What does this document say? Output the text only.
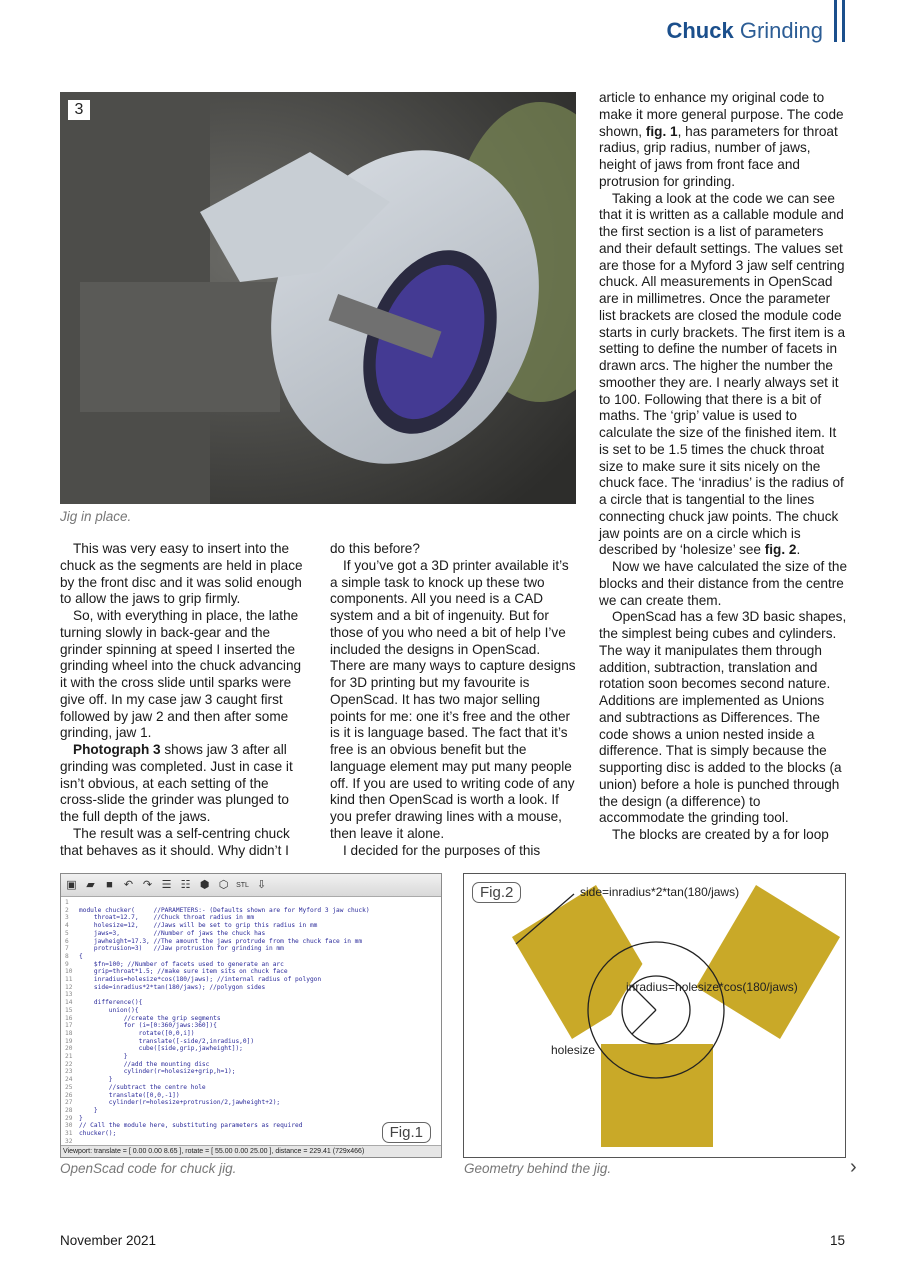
Chuck Grinding
3
Jig in place.

This was very easy to insert into the chuck as the segments are held in place by the front disc and it was solid enough to allow the jaws to grip firmly.

So, with everything in place, the lathe turning slowly in back-gear and the grinder spinning at speed I inserted the grinding wheel into the chuck advancing it with the cross slide until sparks were give off. In my case jaw 3 caught first followed by jaw 2 and then after some grinding, jaw 1.

Photograph 3 shows jaw 3 after all grinding was completed. Just in case it isn’t obvious, at each setting of the cross-slide the grinder was plunged to the full depth of the jaws.

The result was a self-centring chuck that behaves as it should. Why didn’t I

do this before?

If you’ve got a 3D printer available it’s a simple task to knock up these two components. All you need is a CAD system and a bit of ingenuity. But for those of you who need a bit of help I’ve included the designs in OpenScad. There are many ways to capture designs for 3D printing but my favourite is OpenScad. It has two major selling points for me: one it’s free and the other is it is language based. The fact that it’s free is an obvious benefit but the language element may put many people off. If you are used to writing code of any kind then OpenScad is worth a look. If you prefer drawing lines with a mouse, then leave it alone.

I decided for the purposes of this

article to enhance my original code to make it more general purpose. The code shown, fig. 1, has parameters for throat radius, grip radius, number of jaws, height of jaws from front face and protrusion for grinding.

Taking a look at the code we can see that it is written as a callable module and the first section is a list of parameters and their default settings. The values set are those for a Myford 3 jaw self centring chuck. All measurements in OpenScad are in millimetres. Once the parameter list brackets are closed the module code starts in curly brackets. The first item is a setting to define the number of facets in drawn arcs. The higher the number the smoother they are. I nearly always set it to 100. Following that there is a bit of maths. The ‘grip’ value is used to calculate the size of the finished item. It is set to be 1.5 times the chuck throat size to make sure it sits nicely on the chuck face. The ‘inradius’ is the radius of a circle that is tangential to the lines connecting chuck jaw points. The chuck jaw points are on a circle which is described by ‘holesize’ see fig. 2.

Now we have calculated the size of the blocks and their distance from the centre we can create them.

OpenScad has a few 3D basic shapes, the simplest being cubes and cylinders. The way it manipulates them through addition, subtraction, translation and rotation soon becomes second nature. Additions are implemented as Unions and subtractions as Differences. The code shows a union nested inside a difference. That is simply because the supporting disc is added to the blocks (a union) before a hole is punched through the design (a difference) to accommodate the grinding tool.

The blocks are created by a for loop

▣ ▰ ■ ↶ ↷ ☰ ☷ ⬢ ⬡ STL ⇩
1
2 module chucker(     //PARAMETERS:- (Defaults shown are for Myford 3 jaw chuck)
3    throat=12.7,    //Chuck throat radius in mm
4    holesize=12,    //Jaws will be set to grip this radius in mm
5    jaws=3,         //Number of jaws the chuck has
6    jawheight=17.3, //The amount the jaws protrude from the chuck face in mm
7    protrusion=3)   //Jaw protrusion for grinding in mm
8 {
9    $fn=100; //Number of facets used to generate an arc
10    grip=throat*1.5; //make sure item sits on chuck face
11    inradius=holesize*cos(180/jaws); //internal radius of polygon
12    side=inradius*2*tan(180/jaws); //polygon sides
13
14    difference(){
15        union(){
16            //create the grip segments
17            for (i=[0:360/jaws:360]){
18                rotate([0,0,i])
19                translate([-side/2,inradius,0])
20                cube([side,grip,jawheight]);
21            }
22            //add the mounting disc
23            cylinder(r=holesize+grip,h=1);
24        }
25        //subtract the centre hole
26        translate([0,0,-1])
27        cylinder(r=holesize+protrusion/2,jawheight+2);
28    }
29 }
30 // Call the module here, substituting parameters as required
31 chucker();
32
Fig.1
Viewport: translate = [ 0.00 0.00 8.65 ], rotate = [ 55.00 0.00 25.00 ], distance = 229.41 (729x466)
OpenScad code for chuck jig.
side=inradius*2*tan(180/jaws)
inradius=holesize*cos(180/jaws)
holesize
Fig.2
Geometry behind the jig.	›
November 2021	15
